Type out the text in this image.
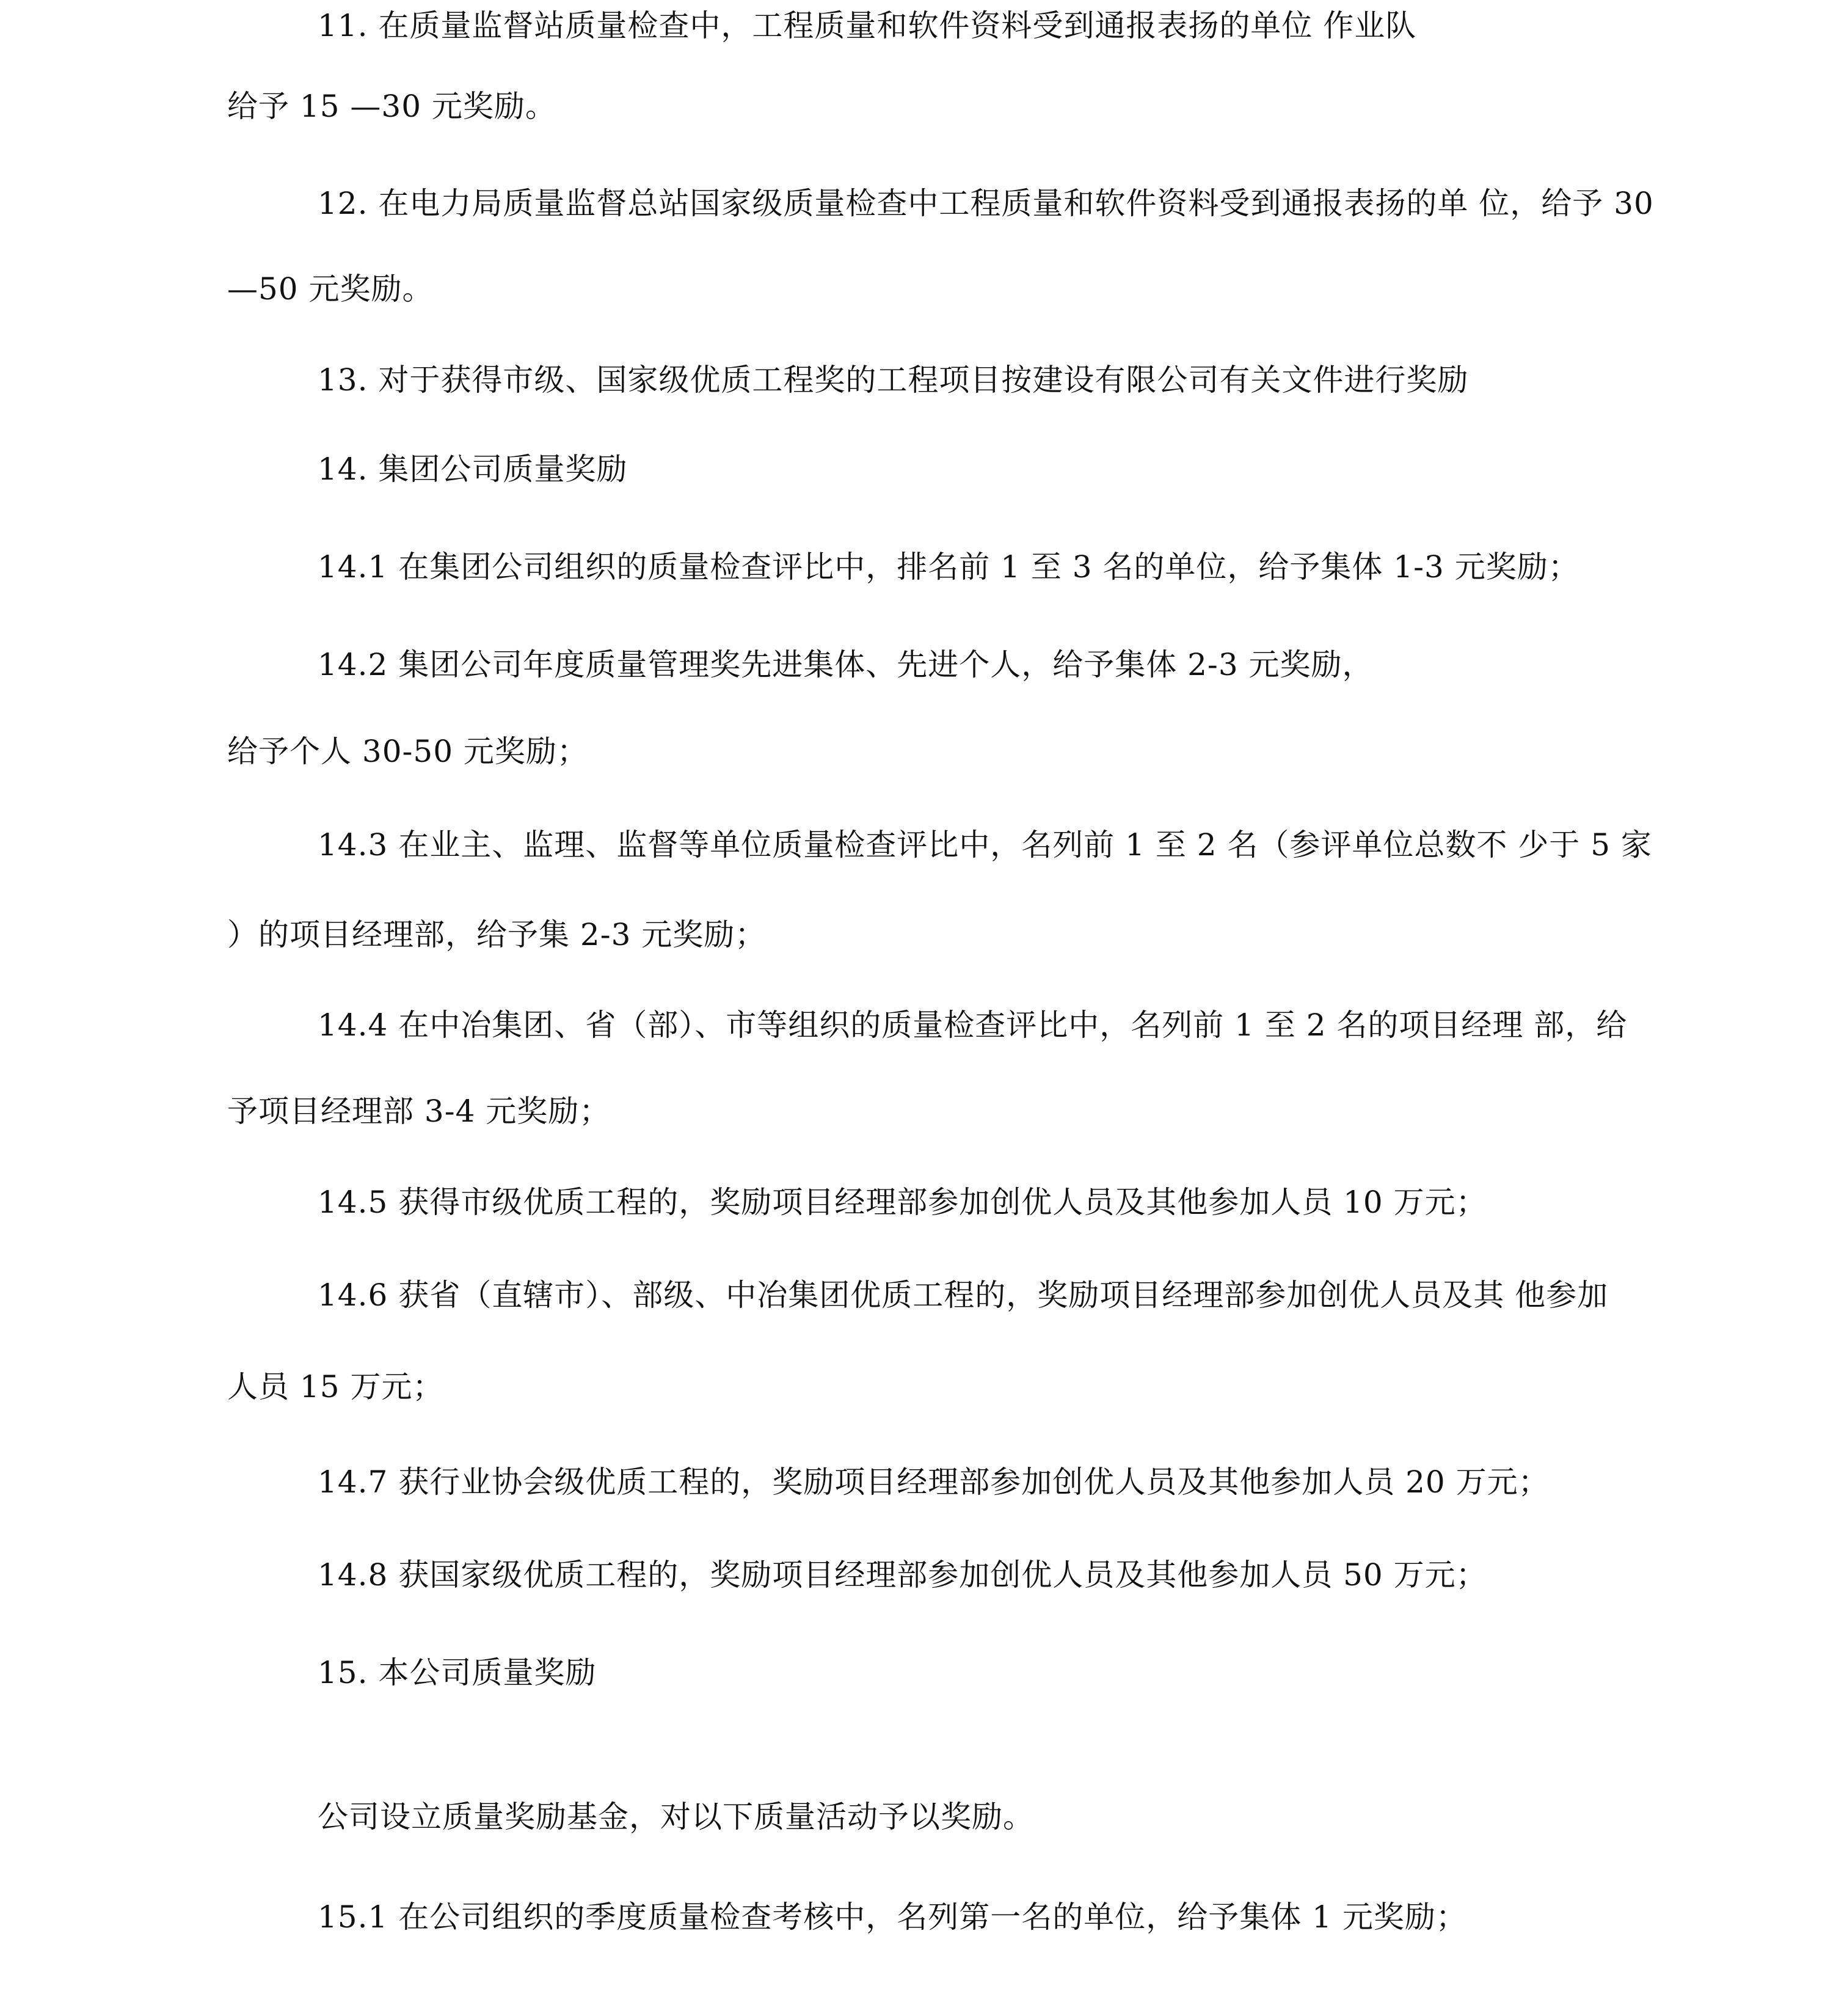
11. 在质量监督站质量检查中，工程质量和软件资料受到通报表扬的单位 作业队
给予 15 —30 元奖励。
12. 在电力局质量监督总站国家级质量检查中工程质量和软件资料受到通报表扬的单 位，给予 30
—50 元奖励。
13. 对于获得市级、国家级优质工程奖的工程项目按建设有限公司有关文件进行奖励
14. 集团公司质量奖励
14.1 在集团公司组织的质量检查评比中，排名前 1 至 3 名的单位，给予集体 1-3 元奖励；
14.2 集团公司年度质量管理奖先进集体、先进个人，给予集体 2-3 元奖励，
给予个人 30-50 元奖励；
14.3 在业主、监理、监督等单位质量检查评比中，名列前 1 至 2 名（参评单位总数不 少于 5 家
）的项目经理部，给予集 2-3 元奖励；
14.4 在中冶集团、省（部）、市等组织的质量检查评比中，名列前 1 至 2 名的项目经理 部，给
予项目经理部 3-4 元奖励；
14.5 获得市级优质工程的，奖励项目经理部参加创优人员及其他参加人员 10 万元；
14.6 获省（直辖市）、部级、中冶集团优质工程的，奖励项目经理部参加创优人员及其 他参加
人员 15 万元；
14.7 获行业协会级优质工程的，奖励项目经理部参加创优人员及其他参加人员 20 万元；
14.8 获国家级优质工程的，奖励项目经理部参加创优人员及其他参加人员 50 万元；
15. 本公司质量奖励
公司设立质量奖励基金，对以下质量活动予以奖励。
15.1 在公司组织的季度质量检查考核中，名列第一名的单位，给予集体 1 元奖励；
